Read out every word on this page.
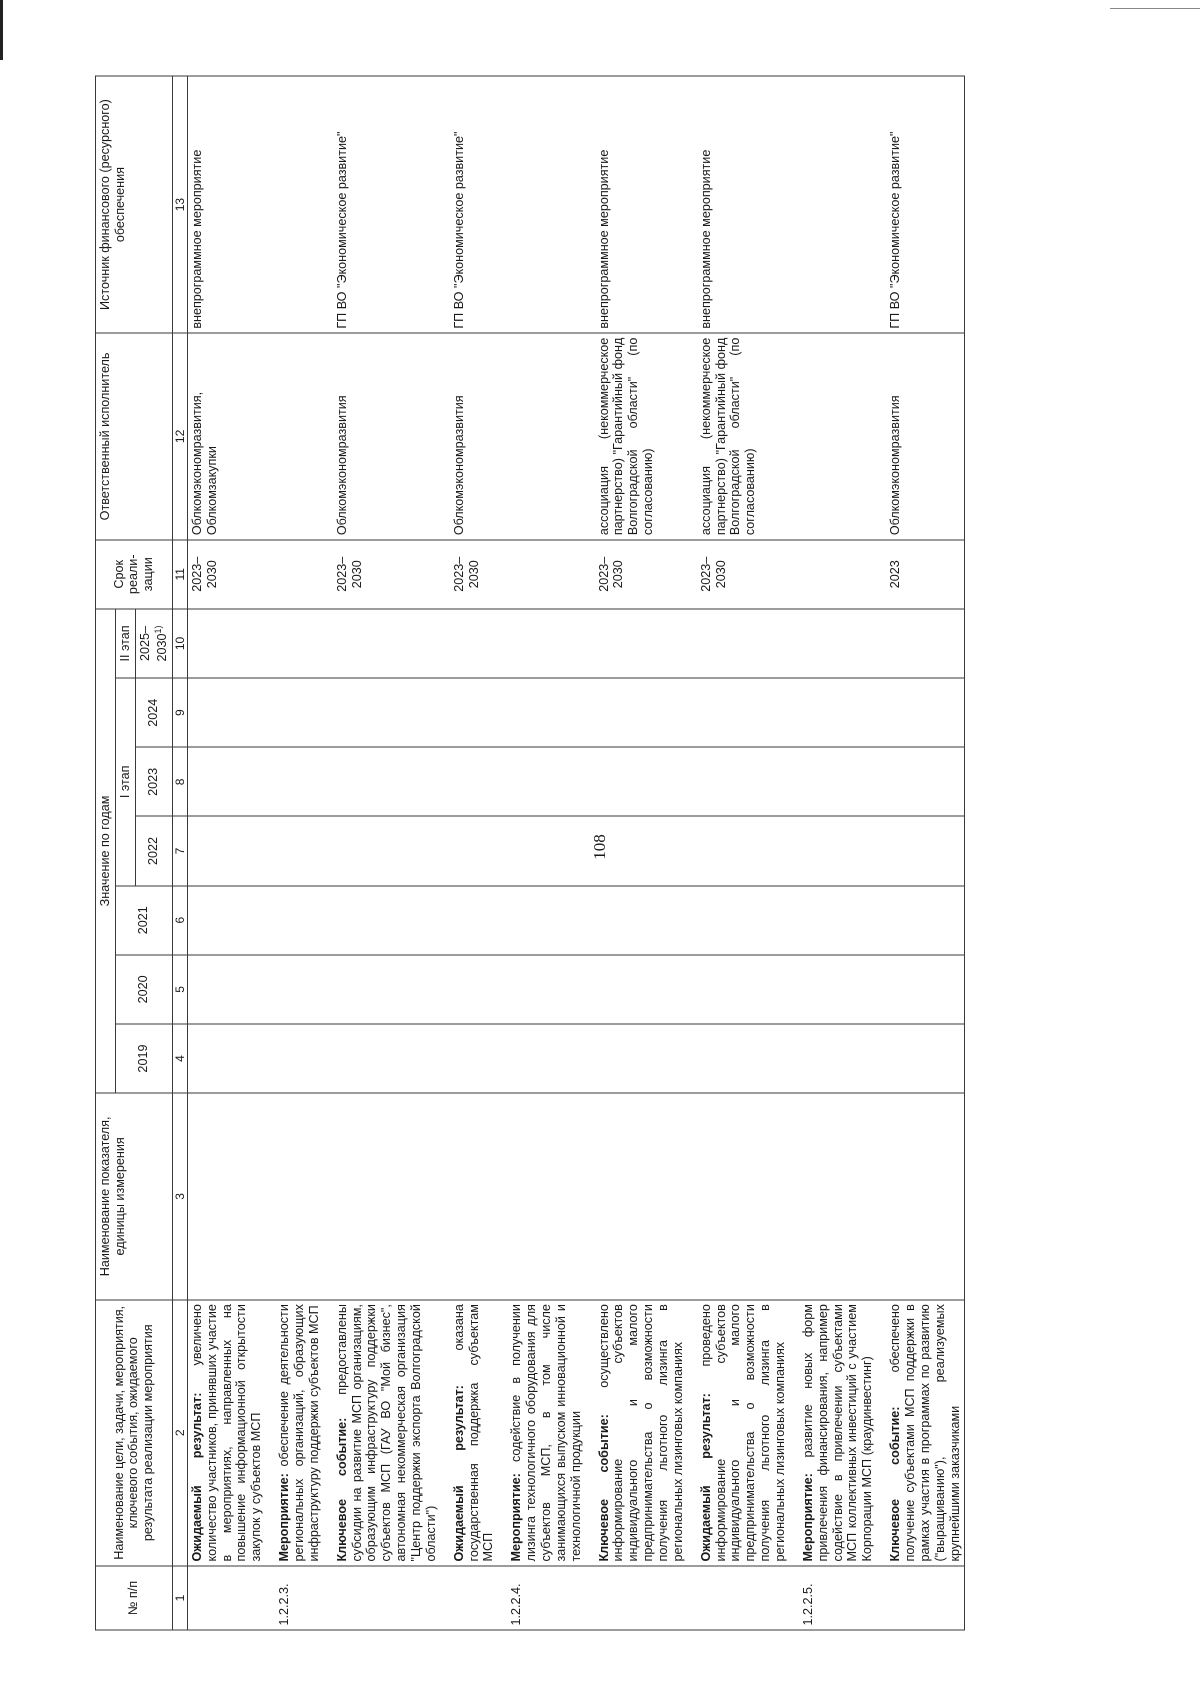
108
№ п/п	Наименование цели, задачи, мероприятия, ключевого события, ожидаемого результата реализации мероприятия	Наименование показателя, единицы измерения	Значение по годам							Срок реали- зации	Ответственный исполнитель	Источник финансового (ресурсного) обеспечения
			2019	2020	2021	I этап			II этап			
						2022	2023	2024	2025–2030$^{1)}$
1	2	3	4	5	6	7	8	9	10	11	12	13
	Ожидаемый результат: увеличено количество участников, принявших участие в мероприятиях, направленных на повышение информационной открытости закупок у субъектов МСП									2023–2030	Облкомэкономразвития, Облкомзакупки	внепрограммное мероприятие
1.2.2.3.	Мероприятие: обеспечение деятельности региональных организаций, образующих инфраструктуру поддержки субъектов МСП											
	Ключевое событие: предоставлены субсидии на развитие МСП организациям, образующим инфраструктуру поддержки субъектов МСП (ГАУ ВО "Мой бизнес", автономная некоммерческая организация "Центр поддержки экспорта Волгоградской области")									2023–2030	Облкомэкономразвития	ГП ВО "Экономическое развитие"
	Ожидаемый результат: оказана государственная поддержка субъектам МСП									2023–2030	Облкомэкономразвития	ГП ВО "Экономическое развитие"
1.2.2.4.	Мероприятие: содействие в получении лизинга технологичного оборудования для субъектов МСП, в том числе занимающихся выпуском инновационной и технологичной продукции											
	Ключевое событие: осуществлено информирование субъектов индивидуального и малого предпринимательства о возможности получения льготного лизинга в региональных лизинговых компаниях									2023–2030	ассоциация (некоммерческое партнерство) "Гарантийный фонд Волгоградской области" (по согласованию)	внепрограммное мероприятие
	Ожидаемый результат: проведено информирование субъектов индивидуального и малого предпринимательства о возможности получения льготного лизинга в региональных лизинговых компаниях									2023–2030	ассоциация (некоммерческое партнерство) "Гарантийный фонд Волгоградской области" (по согласованию)	внепрограммное мероприятие
1.2.2.5.	Мероприятие: развитие новых форм привлечения финансирования, например содействие в привлечении субъектами МСП коллективных инвестиций с участием Корпорации МСП (краудинвестинг)											
	Ключевое событие: обеспечено получение субъектами МСП поддержки в рамках участия в программах по развитию ("выращиванию"), реализуемых крупнейшими заказчиками									2023	Облкомэкономразвития	ГП ВО "Экономическое развитие"
